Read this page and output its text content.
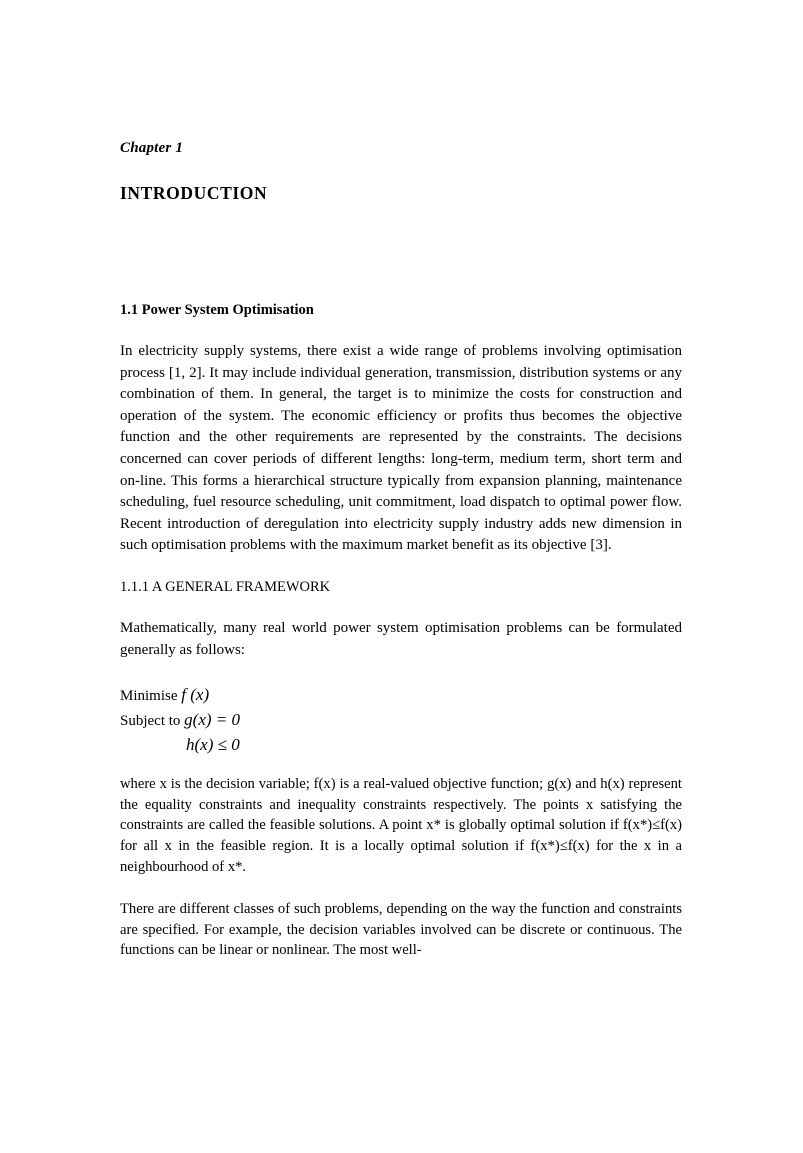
Chapter 1
INTRODUCTION
1.1 Power System Optimisation

In electricity supply systems, there exist a wide range of problems involving optimisation process [1, 2]. It may include individual generation, transmission, distribution systems or any combination of them. In general, the target is to minimize the costs for construction and operation of the system. The economic efficiency or profits thus becomes the objective function and the other requirements are represented by the constraints. The decisions concerned can cover periods of different lengths: long-term, medium term, short term and on-line. This forms a hierarchical structure typically from expansion planning, maintenance scheduling, fuel resource scheduling, unit commitment, load dispatch to optimal power flow. Recent introduction of deregulation into electricity supply industry adds new dimension in such optimisation problems with the maximum market benefit as its objective [3].

1.1.1 A GENERAL FRAMEWORK

Mathematically, many real world power system optimisation problems can be formulated generally as follows:

Minimise f (x)
Subject to g(x) = 0
h(x) ≤ 0

where x is the decision variable; f(x) is a real-valued objective function; g(x) and h(x) represent the equality constraints and inequality constraints respectively. The points x satisfying the constraints are called the feasible solutions. A point x* is globally optimal solution if f(x*)≤f(x) for all x in the feasible region. It is a locally optimal solution if f(x*)≤f(x) for the x in a neighbourhood of x*.

There are different classes of such problems, depending on the way the function and constraints are specified. For example, the decision variables involved can be discrete or continuous. The functions can be linear or nonlinear. The most well-
